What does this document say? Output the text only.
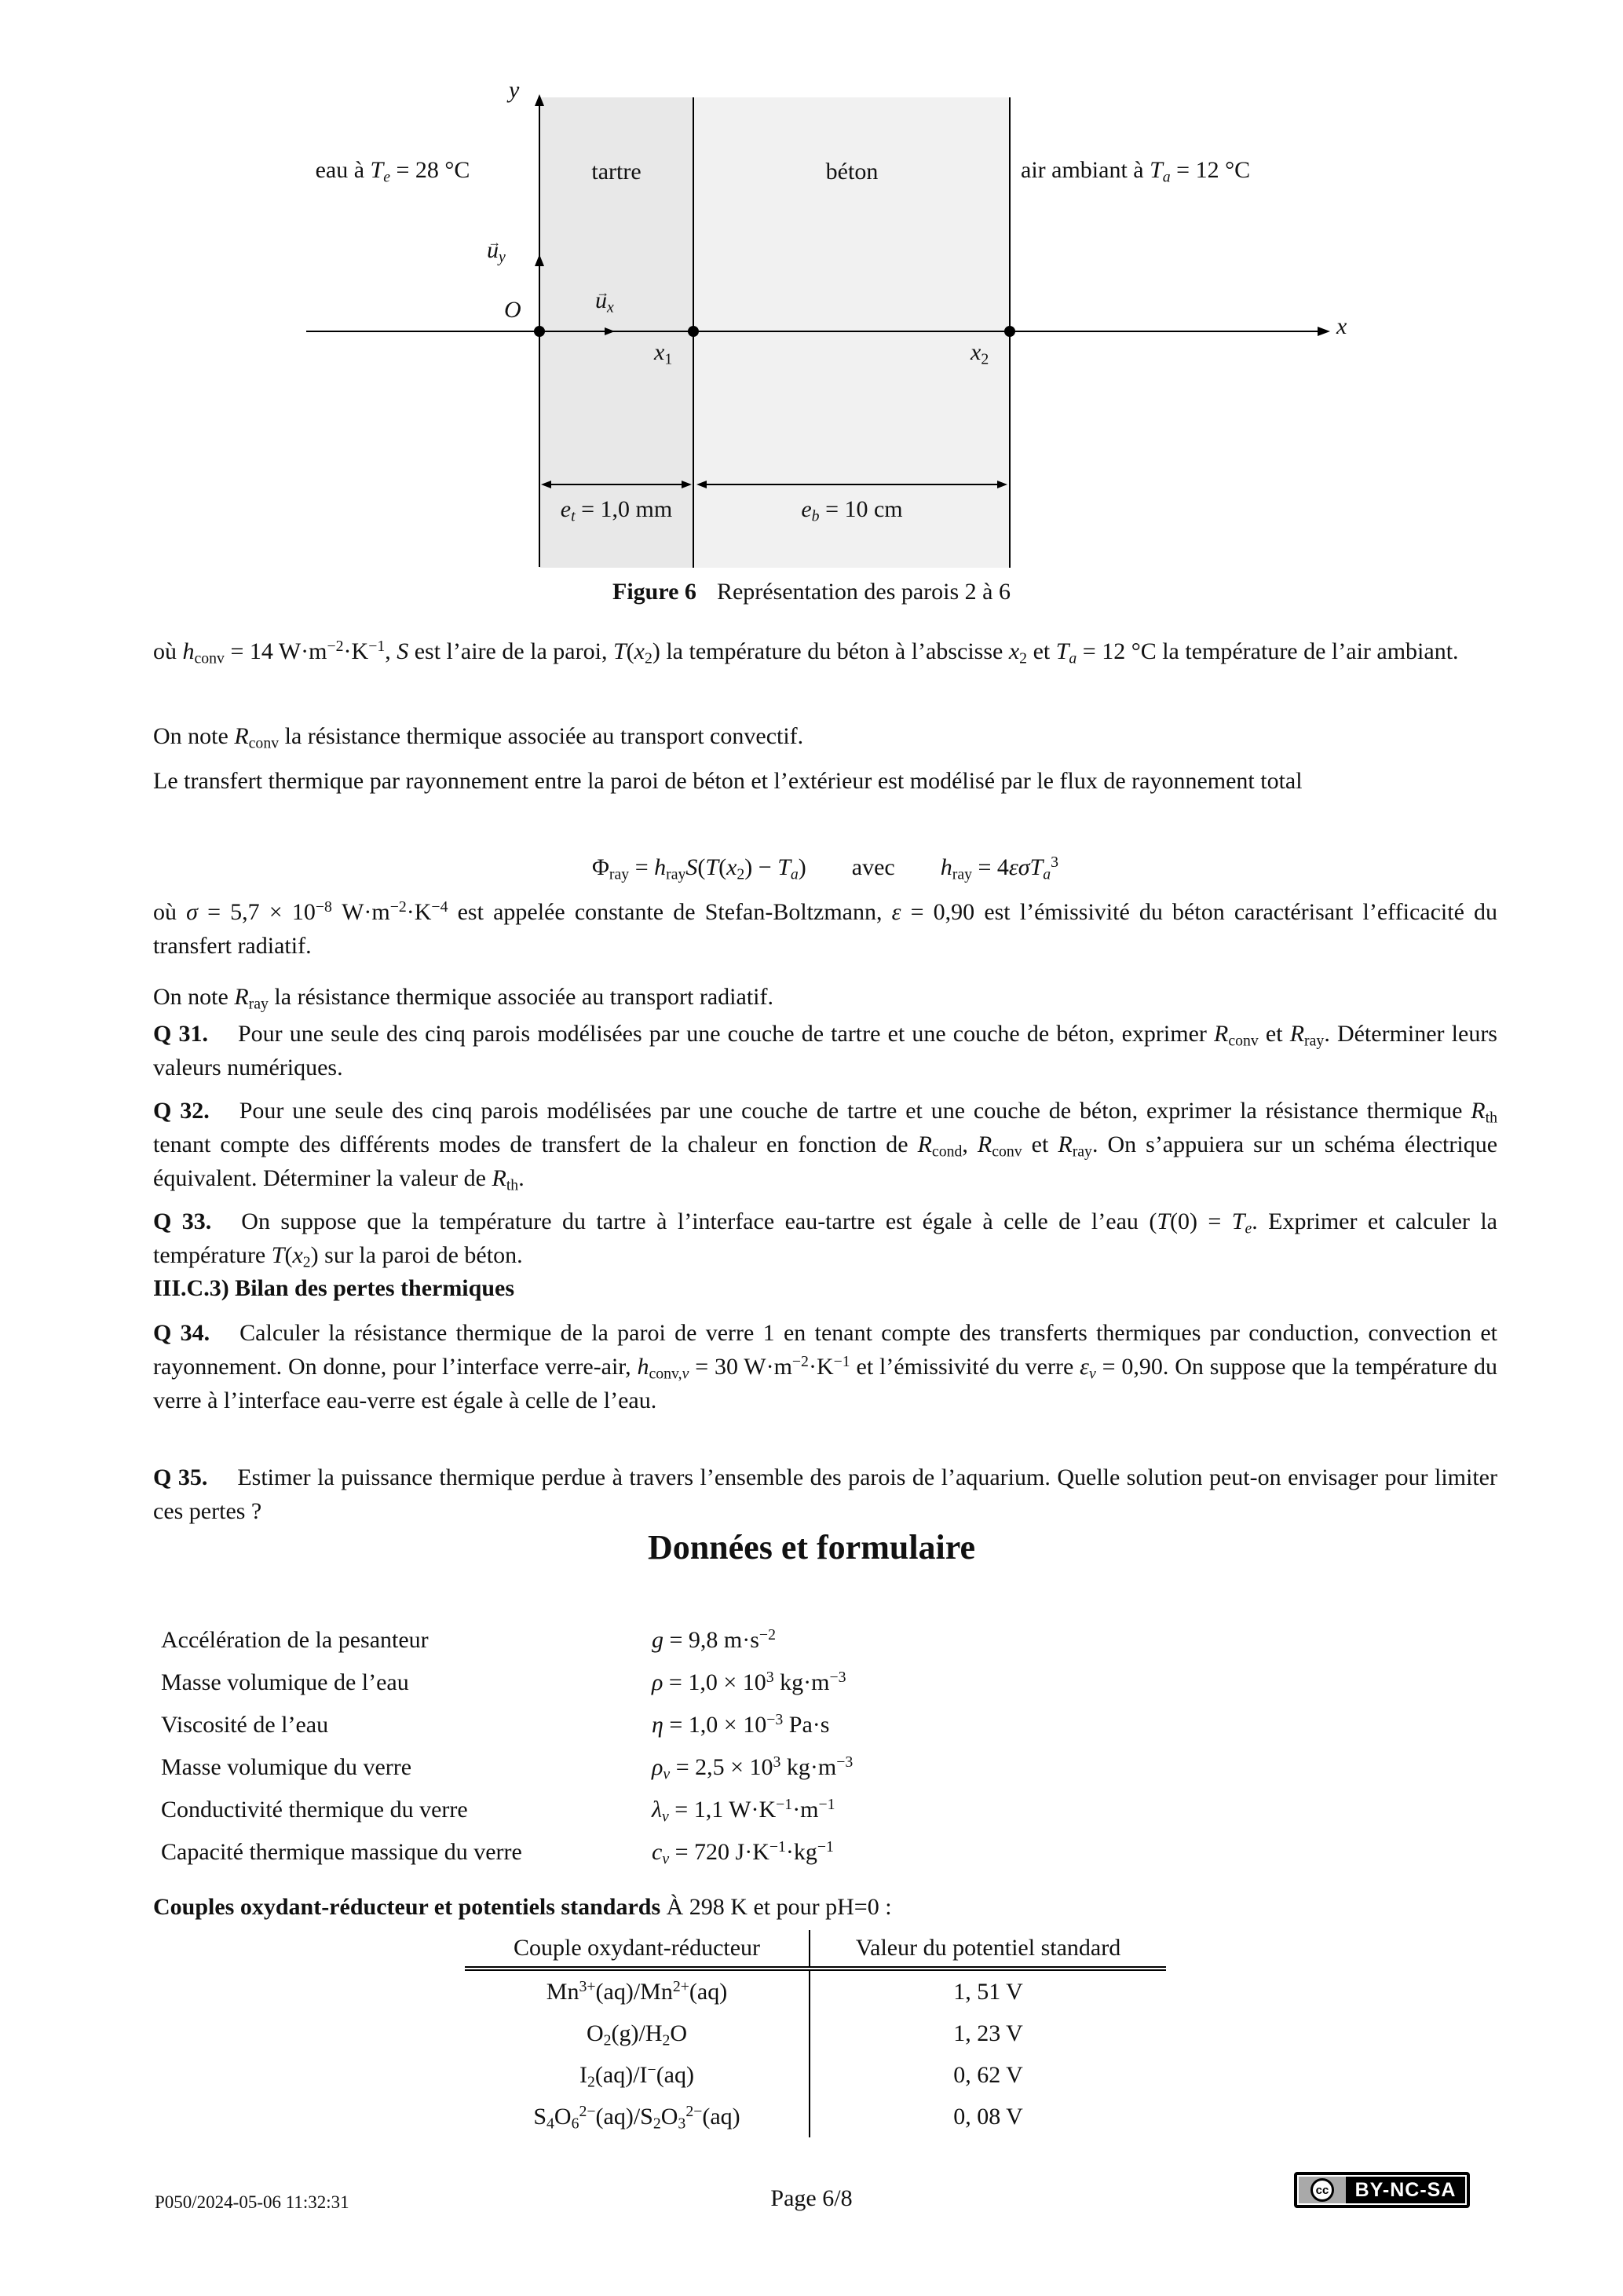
eau à $T_e = 28$ °C	tartre	béton	air ambiant à $T_a = 12$ °C
y
x
O
→ $u_y$
→ $u_x$
$x_1$	$x_2$
$e_t = 1,0$ mm	$e_b = 10$ cm
Figure 6 Représentation des parois 2 à 6
où $h_{conv} = 14$ $W\cdot m^{-2}\cdot K^{-1}$, S est l’aire de la paroi, $T(x_2)$ la température du béton à l’abscisse $x_2$ et $T_a = 12$ °C la température de l’air ambiant.
On note $R_{conv}$ la résistance thermique associée au transport convectif.
Le transfert thermique par rayonnement entre la paroi de béton et l’extérieur est modélisé par le flux de rayonnement total
$\Phi_{ray} = h_{ray}S(T(x_2) - T_a)$ avec $h_{ray} = 4\varepsilon\sigma T_a^3$
où $\sigma = 5,7 \times 10^{-8}$ $W\cdot m^{-2}\cdot K^{-4}$ est appelée constante de Stefan-Boltzmann, ε = 0,90 est l’émissivité du béton caractérisant l’efficacité du transfert radiatif.
On note $R_{ray}$ la résistance thermique associée au transport radiatif.
Q 31. Pour une seule des cinq parois modélisées par une couche de tartre et une couche de béton, exprimer $R_{conv}$ et $R_{ray}$. Déterminer leurs valeurs numériques.
Q 32. Pour une seule des cinq parois modélisées par une couche de tartre et une couche de béton, exprimer la résistance thermique $R_{th}$ tenant compte des différents modes de transfert de la chaleur en fonction de $R_{cond}$, $R_{conv}$ et $R_{ray}$. On s’appuiera sur un schéma électrique équivalent. Déterminer la valeur de $R_{th}$.
Q 33. On suppose que la température du tartre à l’interface eau-tartre est égale à celle de l’eau ($T(0) = T_e$. Exprimer et calculer la température $T(x_2)$ sur la paroi de béton.
III.C.3) Bilan des pertes thermiques
Q 34. Calculer la résistance thermique de la paroi de verre 1 en tenant compte des transferts thermiques par conduction, convection et rayonnement. On donne, pour l’interface verre-air, $h_{conv,v} = 30$ $W\cdot m^{-2}\cdot K^{-1}$ et l’émissivité du verre $\varepsilon_v = 0,90$. On suppose que la température du verre à l’interface eau-verre est égale à celle de l’eau.
Q 35. Estimer la puissance thermique perdue à travers l’ensemble des parois de l’aquarium. Quelle solution peut-on envisager pour limiter ces pertes ?
Données et formulaire
Accélération de la pesanteur	g = 9,8 $m\cdot s^{-2}$
Masse volumique de l’eau	$\rho = 1,0 \times 10^3$ $kg\cdot m^{-3}$
Viscosité de l’eau	$\eta = 1,0 \times 10^{-3}$ Pa·s
Masse volumique du verre	$\rho_v = 2,5 \times 10^3$ $kg\cdot m^{-3}$
Conductivité thermique du verre	$\lambda_v = 1,1$ $W\cdot K^{-1}\cdot m^{-1}$
Capacité thermique massique du verre	$c_v = 720$ $J\cdot K^{-1}\cdot kg^{-1}$
Couples oxydant-réducteur et potentiels standards À 298 K et pour pH=0 :
Couple oxydant-réducteur	Valeur du potentiel standard
$Mn^{3+}(aq)/Mn^{2+}(aq)$	1, 51 V
$O_2(g)/H_2O$	1, 23 V
$I_2(aq)/I^-(aq)$	0, 62 V
$S_4O_6^{2-}(aq)/S_2O_3^{2-}(aq)$	0, 08 V
P050/2024-05-06 11:32:31	Page 6/8	cc	BY-NC-SA
